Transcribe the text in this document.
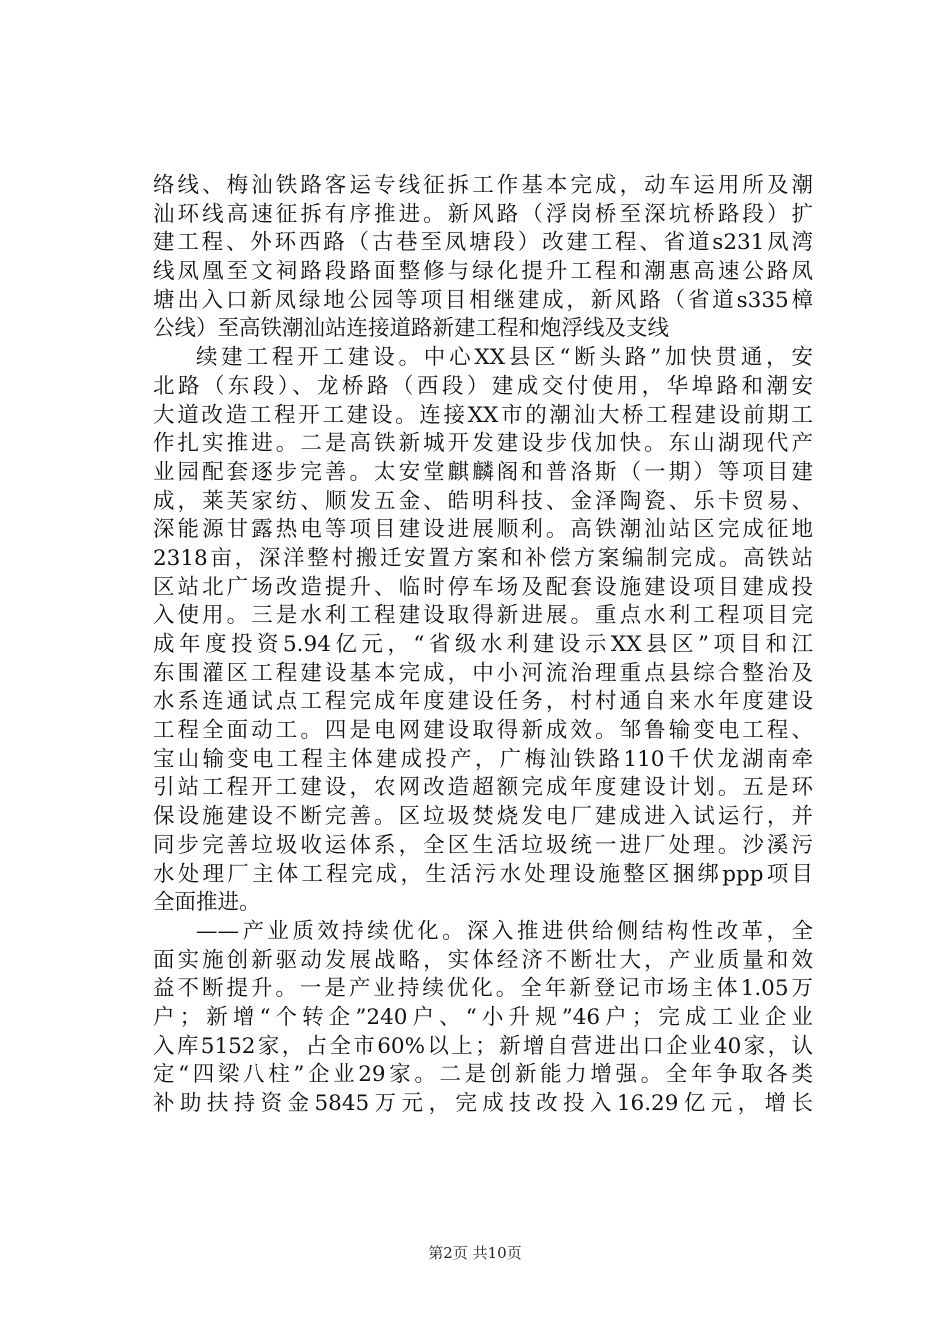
络线、梅汕铁路客运专线征拆工作基本完成，动车运用所及潮
汕环线高速征拆有序推进。新风路（浮岗桥至深坑桥路段）扩
建工程、外环西路（古巷至凤塘段）改建工程、省道s231凤湾
线凤凰至文祠路段路面整修与绿化提升工程和潮惠高速公路凤
塘出入口新凤绿地公园等项目相继建成，新风路（省道s335樟
公线）至高铁潮汕站连接道路新建工程和炮浮线及支线
续建工程开工建设。中心XX县区“断头路”加快贯通，安
北路（东段）、龙桥路（西段）建成交付使用，华埠路和潮安
大道改造工程开工建设。连接XX市的潮汕大桥工程建设前期工
作扎实推进。二是高铁新城开发建设步伐加快。东山湖现代产
业园配套逐步完善。太安堂麒麟阁和普洛斯（一期）等项目建
成，莱芙家纺、顺发五金、皓明科技、金泽陶瓷、乐卡贸易、
深能源甘露热电等项目建设进展顺利。高铁潮汕站区完成征地
2318亩，深洋整村搬迁安置方案和补偿方案编制完成。高铁站
区站北广场改造提升、临时停车场及配套设施建设项目建成投
入使用。三是水利工程建设取得新进展。重点水利工程项目完
成年度投资5.94亿元，“省级水利建设示XX县区”项目和江
东围灌区工程建设基本完成，中小河流治理重点县综合整治及
水系连通试点工程完成年度建设任务，村村通自来水年度建设
工程全面动工。四是电网建设取得新成效。邹鲁输变电工程、
宝山输变电工程主体建成投产，广梅汕铁路110千伏龙湖南牵
引站工程开工建设，农网改造超额完成年度建设计划。五是环
保设施建设不断完善。区垃圾焚烧发电厂建成进入试运行，并
同步完善垃圾收运体系，全区生活垃圾统一进厂处理。沙溪污
水处理厂主体工程完成，生活污水处理设施整区捆绑ppp项目
全面推进。
——产业质效持续优化。深入推进供给侧结构性改革，全
面实施创新驱动发展战略，实体经济不断壮大，产业质量和效
益不断提升。一是产业持续优化。全年新登记市场主体1.05万
户；新增“个转企”240户、“小升规”46户；完成工业企业
入库5152家，占全市60%以上；新增自营进出口企业40家，认
定“四梁八柱”企业29家。二是创新能力增强。全年争取各类
补助扶持资金5845万元，完成技改投入16.29亿元，增长
第2页 共10页
